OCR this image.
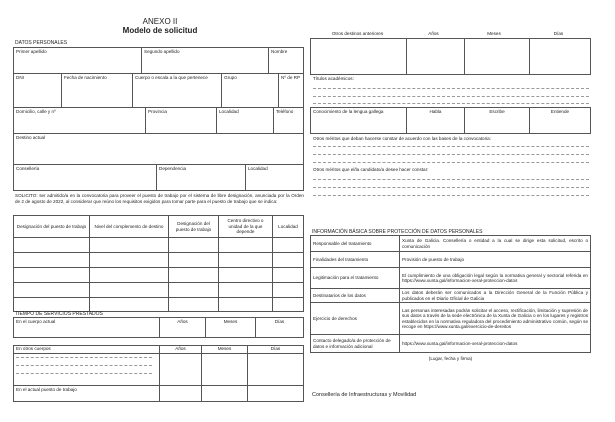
ANEXO II
Modelo de solicitud
DATOS PERSONALES
Primer apellido	Segundo apellido	Nombre
DNI	Fecha de nacimiento	Cuerpo o escala a la que pertenece	Grupo	Nº de RP
Domicilio, calle y nº	Provincia	Localidad	Teléfono
Destino actual
Consellería	Dependencia	Localidad
SOLICITO: ser admitido/a en la convocatoria para proveer el puesto de trabajo por el sistema de libre designación, anunciada por la Orden de 2 de agosto de 2022, al considerar que reúno los requisitos exigidos para tomar parte para el puesto de trabajo que se indica:
Designación del puesto de trabajo	Nivel del complemento de destino	Designación del puesto de trabajo	Centro directivo o unidad de la que depende	Localidad

TIEMPO DE SERVICIOS PRESTADOS
En el cuerpo actual	Años	Meses	Días
En otros cuerpos	Años	Meses	Días

En el actual puesto de trabajo			
Otros destinos anteriores	Años	Meses	Días

Títulos académicos:
Conocimiento de la lengua gallega	Habla	Escribe	Entiende
Otros méritos que deban hacerse constar de acuerdo con las bases de la convocatoria:
Otros méritos que el/la candidato/a desee hacer constar:
INFORMACIÓN BÁSICA SOBRE PROTECCIÓN DE DATOS PERSONALES
Responsable del tratamiento	Xunta de Galicia. Consellería o entidad a la cual se dirige esta solicitud, escrito o comunicación
Finalidades del tratamiento	Provisión de puesto de trabajo
Legitimación para el tratamiento	El cumplimiento de una obligación legal según la normativa general y sectorial referida en https://www.xunta.gal/informacion-xeral-proteccion-datos
Destinatarios de los datos	Los datos deberán ser comunicados a la Dirección General de la Función Pública y publicados en el Diario Oficial de Galicia
Ejercicio de derechos	Las personas interesadas podrán solicitar el acceso, rectificación, limitación y supresión de sus datos a través de la sede electrónica de la Xunta de Galicia o en los lugares y registros establecidos en la normativa reguladora del procedimiento administrativo común, según se recoge en https://www.xunta.gal/exercicio-de-dereitos
Contacto delegado/a de protección de datos e información adicional	https://www.xunta.gal/informacion-xeral-proteccion-datos
(Lugar, fecha y firma)
Consellería de Infraestructuras y Movilidad
